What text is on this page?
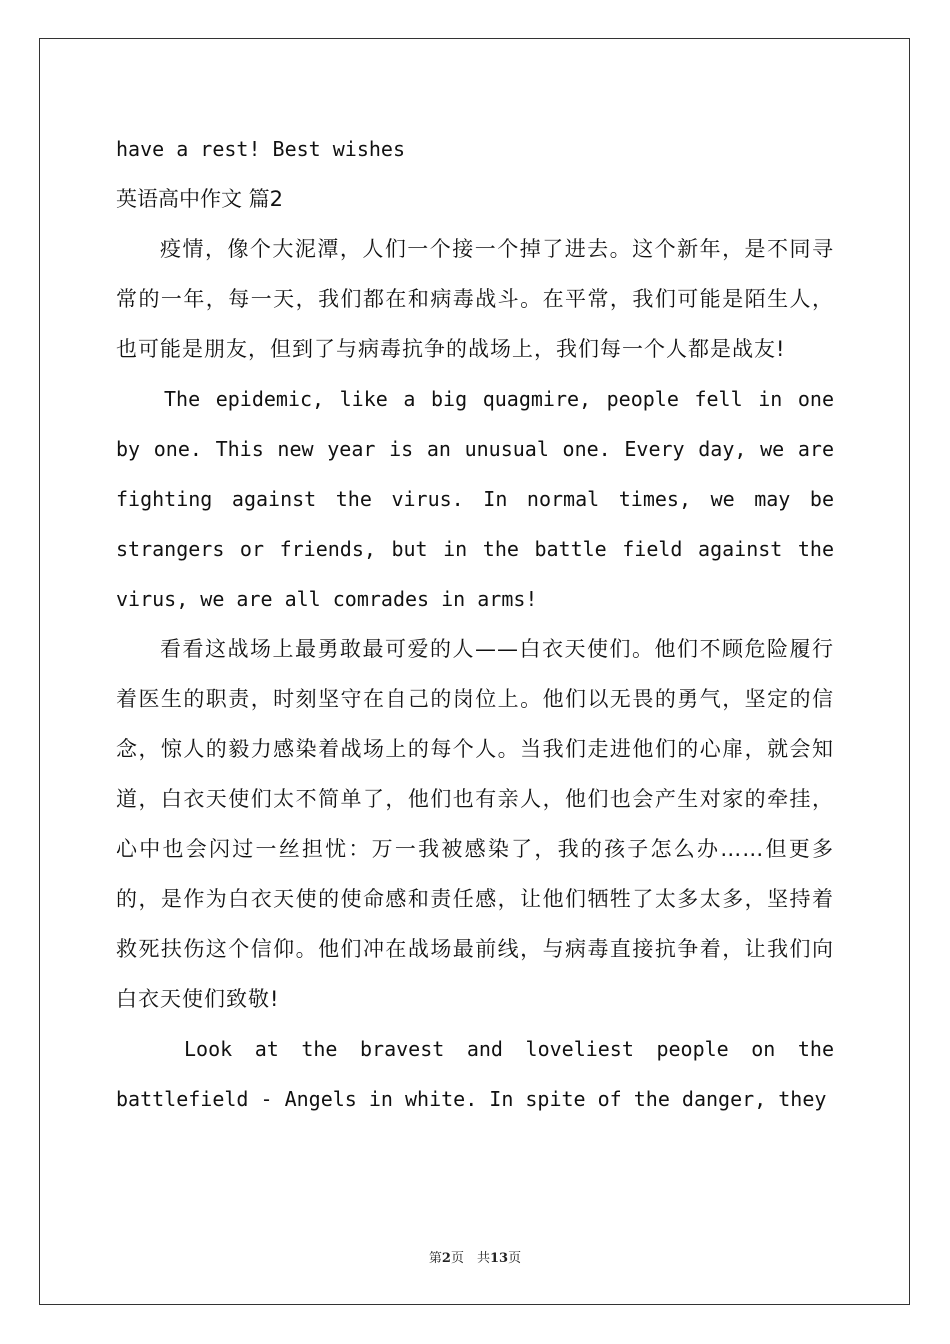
have a rest! Best wishes
英语高中作文 篇2

疫情，像个大泥潭，人们一个接一个掉了进去。这个新年，是不同寻常的一年，每一天，我们都在和病毒战斗。在平常，我们可能是陌生人，也可能是朋友，但到了与病毒抗争的战场上，我们每一个人都是战友!

The epidemic, like a big quagmire, people fell in one by one. This new year is an unusual one. Every day, we are fighting against the virus. In normal times, we may be strangers or friends, but in the battle field against the virus, we are all comrades in arms!

看看这战场上最勇敢最可爱的人——白衣天使们。他们不顾危险履行着医生的职责，时刻坚守在自己的岗位上。他们以无畏的勇气，坚定的信念，惊人的毅力感染着战场上的每个人。当我们走进他们的心扉，就会知道，白衣天使们太不简单了，他们也有亲人，他们也会产生对家的牵挂，心中也会闪过一丝担忧：万一我被感染了，我的孩子怎么办……但更多的，是作为白衣天使的使命感和责任感，让他们牺牲了太多太多，坚持着救死扶伤这个信仰。他们冲在战场最前线，与病毒直接抗争着，让我们向白衣天使们致敬!

Look at the bravest and loveliest people on the battlefield - Angels in white. In spite of the danger, they

第2页　共13页
